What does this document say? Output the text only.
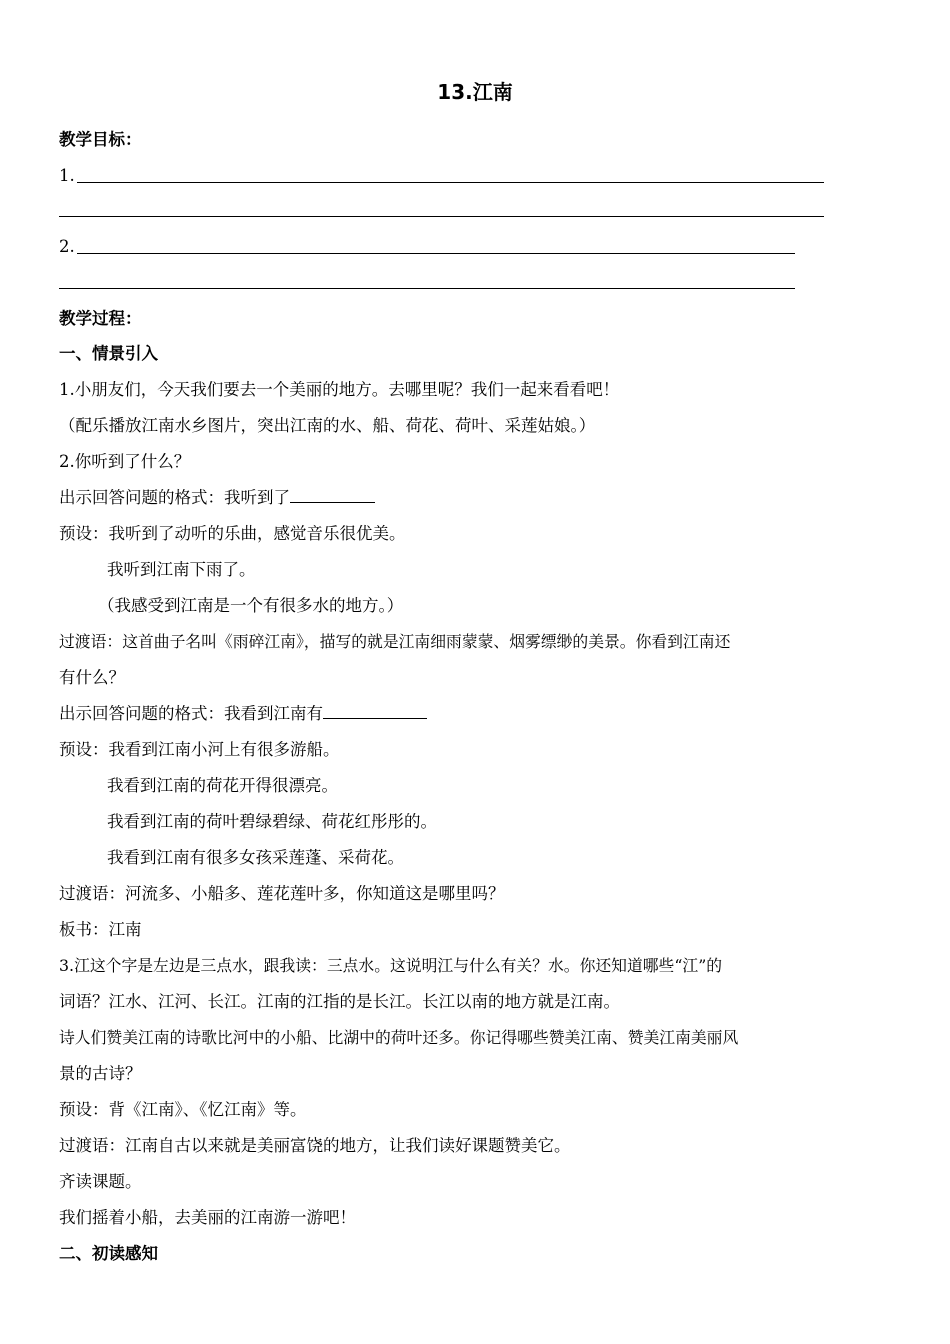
13.江南
教学目标：
1.
2.
教学过程：
一、情景引入
1.小朋友们，今天我们要去一个美丽的地方。去哪里呢？我们一起来看看吧！
（配乐播放江南水乡图片，突出江南的水、船、荷花、荷叶、采莲姑娘。）
2.你听到了什么？
出示回答问题的格式：我听到了
预设：我听到了动听的乐曲，感觉音乐很优美。
我听到江南下雨了。
（我感受到江南是一个有很多水的地方。）
过渡语：这首曲子名叫《雨碎江南》，描写的就是江南细雨蒙蒙、烟雾缥缈的美景。你看到江南还
有什么？
出示回答问题的格式：我看到江南有
预设：我看到江南小河上有很多游船。
我看到江南的荷花开得很漂亮。
我看到江南的荷叶碧绿碧绿、荷花红彤彤的。
我看到江南有很多女孩采莲蓬、采荷花。
过渡语：河流多、小船多、莲花莲叶多，你知道这是哪里吗？
板书：江南
3.江这个字是左边是三点水，跟我读：三点水。这说明江与什么有关？水。你还知道哪些“江”的
词语？江水、江河、长江。江南的江指的是长江。长江以南的地方就是江南。
诗人们赞美江南的诗歌比河中的小船、比湖中的荷叶还多。你记得哪些赞美江南、赞美江南美丽风
景的古诗？
预设：背《江南》、《忆江南》等。
过渡语：江南自古以来就是美丽富饶的地方，让我们读好课题赞美它。
齐读课题。
我们摇着小船，去美丽的江南游一游吧！
二、初读感知
